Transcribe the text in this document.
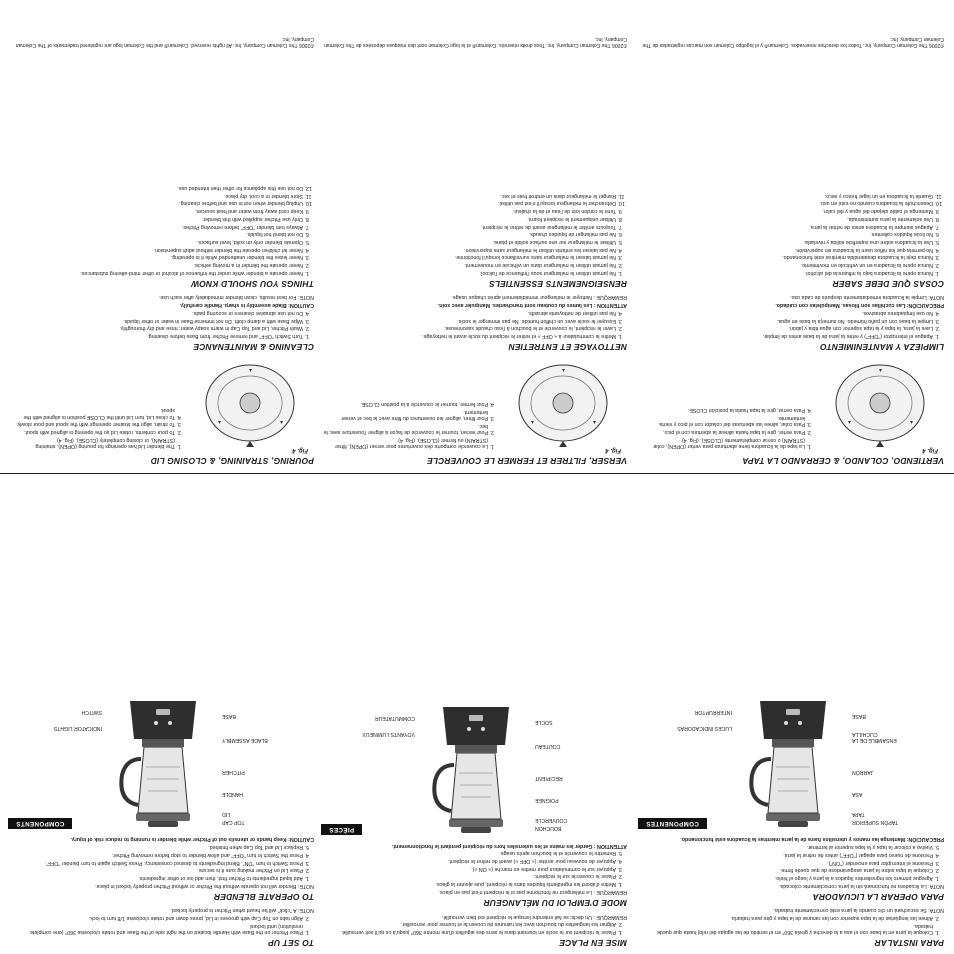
TO SET UP
1. Place Pitcher on the Base with Handle located on the right side of the Base and rotate clockwise 360° (one complete revolution) until locked.
2. Align tabs on Top Cap with grooves in Lid, press down and rotate clockwise 1/8 turn to lock.

NOTE: A "click" will be heard when Pitcher is properly locked.

TO OPERATE BLENDER

NOTE: Blender will not operate without the Pitcher or without Pitcher properly locked in place.

1. Add liquid ingredients to Pitcher first, then add ice or other ingredients.
2. Place Lid on Pitcher making sure it is secure.
3. Press Switch to turn "ON". Blend ingredients to desired consistency. Press Switch again to turn blender "OFF".
4. Press the Switch to turn "OFF" and allow blender to stop before removing Pitcher.
5. Replace Lid and Top Cap when finished.

CAUTION: Keep hands or utensils out of Pitcher while blender is running to reduce risk of injury.

COMPONENTS	TOP CAP
LID
HANDLE
PITCHER
BLADE ASSEMBLY
BASE
INDICATOR LIGHTS
SWITCH
MISE EN PLACE
1. Placer le récipient sur le socle en tournant dans le sens des aiguilles d'une montre 360° jusqu'à ce qu'il soit verrouillé.
2. Aligner les languettes du bouchon avec les rainures du couvercle et tourner pour verrouiller.

REMARQUE : Un déclic se fait entendre lorsque le récipient est bien verrouillé.

MODE D'EMPLOI DU MÉLANGEUR

REMARQUE : Le mélangeur ne fonctionne pas si le récipient n'est pas en place.

1. Mettre d'abord les ingrédients liquides dans le récipient, puis ajouter la glace.
2. Placer le couvercle sur le récipient.
3. Appuyer sur le commutateur pour mettre en marche (« ON »).
4. Appuyer de nouveau pour arrêter (« OFF ») avant de retirer le récipient.
5. Remettre le couvercle et le bouchon après usage.

ATTENTION : Garder les mains et les ustensiles hors du récipient pendant le fonctionnement.

PIÈCES	BOUCHON
COUVERCLE
POIGNÉE
RÉCIPIENT
COUTEAU
SOCLE
VOYANTS LUMINEUX
COMMUTATEUR
PARA INSTALAR
1. Coloque la jarra en la base con el asa a la derecha y gírela 360° en el sentido de las agujas del reloj hasta que quede trabada.
2. Alinee las lengüetas de la tapa superior con las ranuras de la tapa y gire para trabarla.

NOTA: Se escuchará un clic cuando la jarra esté correctamente trabada.

PARA OPERAR LA LICUADORA

NOTA: La licuadora no funcionará sin la jarra correctamente colocada.

1. Agregue primero los ingredientes líquidos a la jarra y luego el hielo.
2. Coloque la tapa sobre la jarra asegurándose de que quede firme.
3. Presione el interruptor para encender ("ON").
4. Presione de nuevo para apagar ("OFF") antes de retirar la jarra.
5. Vuelva a colocar la tapa y la tapa superior al terminar.

PRECAUCIÓN: Mantenga las manos y utensilios fuera de la jarra mientras la licuadora esté funcionando.

COMPONENTES	TAPÓN SUPERIOR
TAPA
ASA
JARRÓN
ENSAMBLE DE LA CUCHILLA
BASE
LUCES INDICADORAS
INTERRUPTOR
POURING, STRAINING, & CLOSING LID
Fig. 4
▲
▲
▲
1. The blender Lid has openings for pouring (OPEN), straining (STRAIN), or closing completely (CLOSE). (Fig. 4)
2. To pour contents, rotate Lid so the opening is aligned with spout.
3. To strain, align the strainer openings with the spout and pour slowly.
4. To close Lid, turn Lid until the CLOSE position is aligned with the spout.
CLEANING & MAINTENANCE
1. Turn Switch "OFF" and remove Pitcher from Base before cleaning.
2. Wash Pitcher, Lid and Top Cap in warm soapy water; rinse and dry thoroughly.
3. Wipe Base with a damp cloth. Do not immerse Base in water or other liquids.
4. Do not use abrasive cleaners or scouring pads.

CAUTION: Blade assembly is sharp. Handle carefully.

NOTE: For best results, clean blender immediately after each use.

THINGS YOU SHOULD KNOW
1. Never operate a blender while under the influence of alcohol or other mind-altering substances.
2. Never operate the blender in a moving vehicle.
3. Never leave the blender unattended while it is operating.
4. Never let children operate the blender without adult supervision.
5. Operate blender only on solid, level surfaces.
6. Do not blend hot liquids.
7. Always turn blender "OFF" before removing Pitcher.
8. Only use Pitcher supplied with this blender.
9. Keep cord away from water and heat sources.
10. Unplug blender when not in use and before cleaning.
11. Store blender in a cool, dry place.
12. Do not use this appliance for other than intended use.
VERSER, FILTRER ET FERMER LE COUVERCLE
Fig. 4
▲
▲
▲
1. Le couvercle comporte des ouvertures pour verser (OPEN), filtrer (STRAIN) ou fermer (CLOSE). (Fig. 4)
2. Pour verser, tourner le couvercle de façon à aligner l'ouverture avec le bec.
3. Pour filtrer, aligner les ouvertures du filtre avec le bec et verser lentement.
4. Pour fermer, tourner le couvercle à la position CLOSE.
NETTOYAGE ET ENTRETIEN
1. Mettre le commutateur à « OFF » et retirer le récipient du socle avant le nettoyage.
2. Laver le récipient, le couvercle et le bouchon à l'eau chaude savonneuse.
3. Essuyer le socle avec un chiffon humide. Ne pas immerger le socle.
4. Ne pas utiliser de nettoyants abrasifs.

ATTENTION : Les lames du couteau sont tranchantes. Manipuler avec soin.

REMARQUE : Nettoyer le mélangeur immédiatement après chaque usage.

RENSEIGNEMENTS ESSENTIELS
1. Ne jamais utiliser le mélangeur sous l'influence de l'alcool.
2. Ne jamais utiliser le mélangeur dans un véhicule en mouvement.
3. Ne jamais laisser le mélangeur sans surveillance lorsqu'il fonctionne.
4. Ne pas laisser les enfants utiliser le mélangeur sans supervision.
5. Utiliser le mélangeur sur une surface solide et plane.
6. Ne pas mélanger de liquides chauds.
7. Toujours arrêter le mélangeur avant de retirer le récipient.
8. Utiliser uniquement le récipient fourni.
9. Tenir le cordon loin de l'eau et de la chaleur.
10. Débrancher le mélangeur lorsqu'il n'est pas utilisé.
11. Ranger le mélangeur dans un endroit frais et sec.
VERTIENDO, COLANDO, & CERRANDO LA TAPA
Fig. 4
▲
▲
▲
1. La tapa de la licuadora tiene aberturas para verter (OPEN), colar (STRAIN) o cerrar completamente (CLOSE). (Fig. 4)
2. Para verter, gire la tapa hasta alinear la abertura con el pico.
3. Para colar, alinee las aberturas del colador con el pico y vierta lentamente.
4. Para cerrar, gire la tapa hasta la posición CLOSE.
LIMPIEZA Y MANTENIMIENTO
1. Apague el interruptor ("OFF") y retire la jarra de la base antes de limpiar.
2. Lave la jarra, la tapa y la tapa superior con agua tibia y jabón.
3. Limpie la base con un paño húmedo. No sumerja la base en agua.
4. No use limpiadores abrasivos.

PRECAUCIÓN: Las cuchillas son filosas. Manipúlelas con cuidado.

NOTA: Limpie la licuadora inmediatamente después de cada uso.

COSAS QUE DEBE SABER
1. Nunca opere la licuadora bajo la influencia del alcohol.
2. Nunca opere la licuadora en un vehículo en movimiento.
3. Nunca deje la licuadora desatendida mientras esté funcionando.
4. No permita que los niños usen la licuadora sin supervisión.
5. Use la licuadora sobre una superficie sólida y nivelada.
6. No licúe líquidos calientes.
7. Apague siempre la licuadora antes de retirar la jarra.
8. Use solamente la jarra suministrada.
9. Mantenga el cable alejado del agua y del calor.
10. Desenchufe la licuadora cuando no esté en uso.
11. Guarde la licuadora en un lugar fresco y seco.

©2006 The Coleman Company, Inc. All rights reserved. Coleman® and the Coleman logo are registered trademarks of The Coleman Company, Inc.

©2006 The Coleman Company, Inc. Tous droits réservés. Coleman® et le logo Coleman sont des marques déposées de The Coleman Company, Inc.

©2006 The Coleman Company, Inc. Todos los derechos reservados. Coleman® y el logotipo Coleman son marcas registradas de The Coleman Company, Inc.
